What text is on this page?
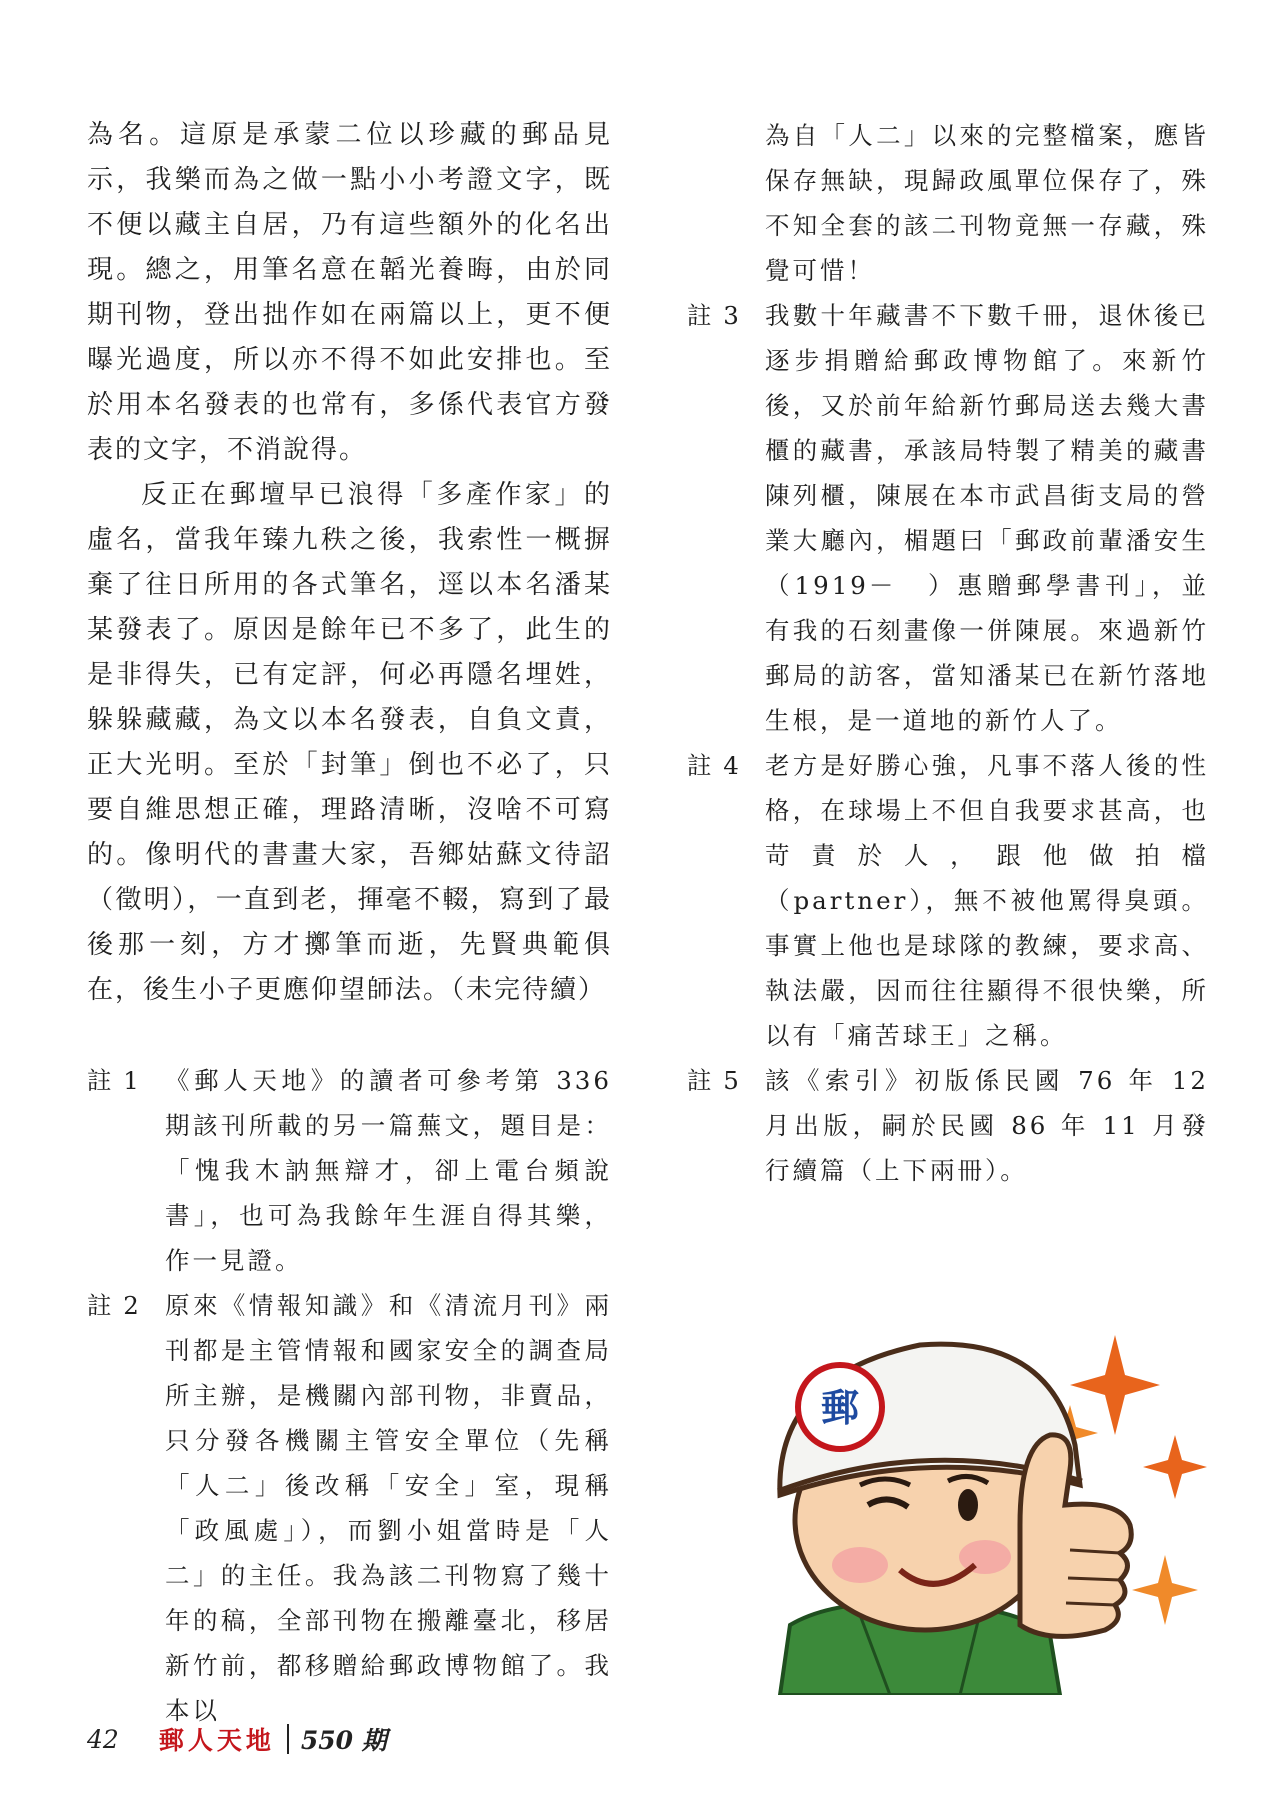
為名。這原是承蒙二位以珍藏的郵品見示，我樂而為之做一點小小考證文字，既不便以藏主自居，乃有這些額外的化名出現。總之，用筆名意在韜光養晦，由於同期刊物，登出拙作如在兩篇以上，更不便曝光過度，所以亦不得不如此安排也。至於用本名發表的也常有，多係代表官方發表的文字，不消說得。

反正在郵壇早已浪得「多產作家」的虛名，當我年臻九秩之後，我索性一概摒棄了往日所用的各式筆名，逕以本名潘某某發表了。原因是餘年已不多了，此生的是非得失，已有定評，何必再隱名埋姓，躲躲藏藏，為文以本名發表，自負文責，正大光明。至於「封筆」倒也不必了，只要自維思想正確，理路清晰，沒啥不可寫的。像明代的書畫大家，吾鄉姑蘇文待詔（徵明），一直到老，揮毫不輟，寫到了最後那一刻，方才擲筆而逝，先賢典範俱在，後生小子更應仰望師法。（未完待續）

註 1 《郵人天地》的讀者可參考第 336 期該刊所載的另一篇蕪文，題目是：「愧我木訥無辯才，卻上電台頻說書」，也可為我餘年生涯自得其樂，作一見證。
註 2 原來《情報知識》和《清流月刊》兩刊都是主管情報和國家安全的調查局所主辦，是機關內部刊物，非賣品，只分發各機關主管安全單位（先稱「人二」後改稱「安全」室，現稱「政風處」），而劉小姐當時是「人二」的主任。我為該二刊物寫了幾十年的稿，全部刊物在搬離臺北，移居新竹前，都移贈給郵政博物館了。我本以

為自「人二」以來的完整檔案，應皆保存無缺，現歸政風單位保存了，殊不知全套的該二刊物竟無一存藏，殊覺可惜！

註 3 我數十年藏書不下數千冊，退休後已逐步捐贈給郵政博物館了。來新竹後，又於前年給新竹郵局送去幾大書櫃的藏書，承該局特製了精美的藏書陳列櫃，陳展在本市武昌街支局的營業大廳內，楣題曰「郵政前輩潘安生（1919－　）惠贈郵學書刊」，並有我的石刻畫像一併陳展。來過新竹郵局的訪客，當知潘某已在新竹落地生根，是一道地的新竹人了。
註 4 老方是好勝心強，凡事不落人後的性格，在球場上不但自我要求甚高，也苛責於人，跟他做拍檔（partner），無不被他罵得臭頭。事實上他也是球隊的教練，要求高、執法嚴，因而往往顯得不很快樂，所以有「痛苦球王」之稱。
註 5 該《索引》初版係民國 76 年 12 月出版，嗣於民國 86 年 11 月發行續篇（上下兩冊）。
郵
42 郵人天地 550 期
